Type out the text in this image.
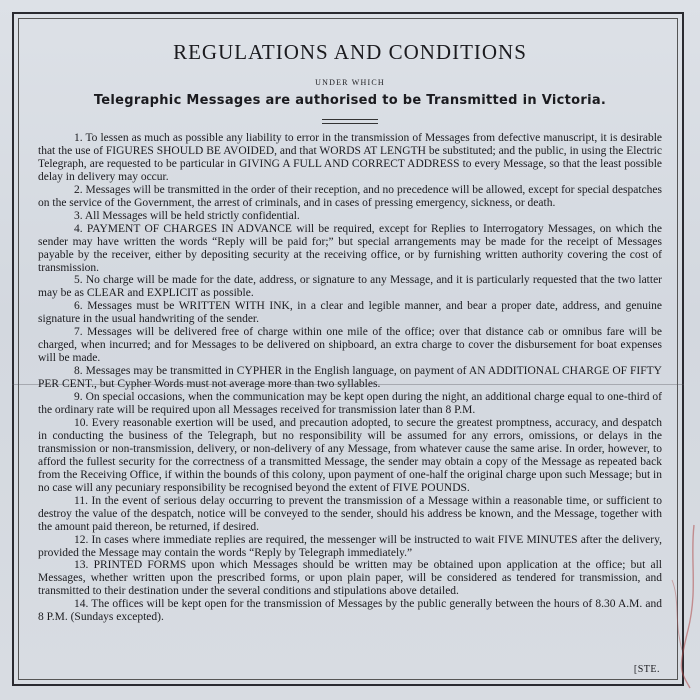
REGULATIONS AND CONDITIONS
UNDER WHICH
Telegraphic Messages are authorised to be Transmitted in Victoria.

1. To lessen as much as possible any liability to error in the transmission of Messages from defective manuscript, it is desirable that the use of FIGURES SHOULD BE AVOIDED, and that WORDS AT LENGTH be substituted; and the public, in using the Electric Telegraph, are requested to be particular in GIVING A FULL AND CORRECT ADDRESS to every Message, so that the least possible delay in delivery may occur.

2. Messages will be transmitted in the order of their reception, and no precedence will be allowed, except for special despatches on the service of the Government, the arrest of criminals, and in cases of pressing emergency, sickness, or death.

3. All Messages will be held strictly confidential.

4. PAYMENT OF CHARGES IN ADVANCE will be required, except for Replies to Interrogatory Messages, on which the sender may have written the words “Reply will be paid for;” but special arrangements may be made for the receipt of Messages payable by the receiver, either by depositing security at the receiving office, or by furnishing written authority covering the cost of transmission.

5. No charge will be made for the date, address, or signature to any Message, and it is particularly requested that the two latter may be as CLEAR and EXPLICIT as possible.

6. Messages must be WRITTEN WITH INK, in a clear and legible manner, and bear a proper date, address, and genuine signature in the usual handwriting of the sender.

7. Messages will be delivered free of charge within one mile of the office; over that distance cab or omnibus fare will be charged, when incurred; and for Messages to be delivered on shipboard, an extra charge to cover the disbursement for boat expenses will be made.

8. Messages may be transmitted in CYPHER in the English language, on payment of AN ADDITIONAL CHARGE OF FIFTY PER CENT., but Cypher Words must not average more than two syllables.

9. On special occasions, when the communication may be kept open during the night, an additional charge equal to one-third of the ordinary rate will be required upon all Messages received for transmission later than 8 P.M.

10. Every reasonable exertion will be used, and precaution adopted, to secure the greatest promptness, accuracy, and despatch in conducting the business of the Telegraph, but no responsibility will be assumed for any errors, omissions, or delays in the transmission or non-transmission, delivery, or non-delivery of any Message, from whatever cause the same arise. In order, however, to afford the fullest security for the correctness of a transmitted Message, the sender may obtain a copy of the Message as repeated back from the Receiving Office, if within the bounds of this colony, upon payment of one-half the original charge upon such Message; but in no case will any pecuniary responsibility be recognised beyond the extent of FIVE POUNDS.

11. In the event of serious delay occurring to prevent the transmission of a Message within a reasonable time, or sufficient to destroy the value of the despatch, notice will be conveyed to the sender, should his address be known, and the Message, together with the amount paid thereon, be returned, if desired.

12. In cases where immediate replies are required, the messenger will be instructed to wait FIVE MINUTES after the delivery, provided the Message may contain the words “Reply by Telegraph immediately.”

13. PRINTED FORMS upon which Messages should be written may be obtained upon application at the office; but all Messages, whether written upon the prescribed forms, or upon plain paper, will be considered as tendered for transmission, and transmitted to their destination under the several conditions and stipulations above detailed.

14. The offices will be kept open for the transmission of Messages by the public generally between the hours of 8.30 A.M. and 8 P.M. (Sundays excepted).

[STE.
